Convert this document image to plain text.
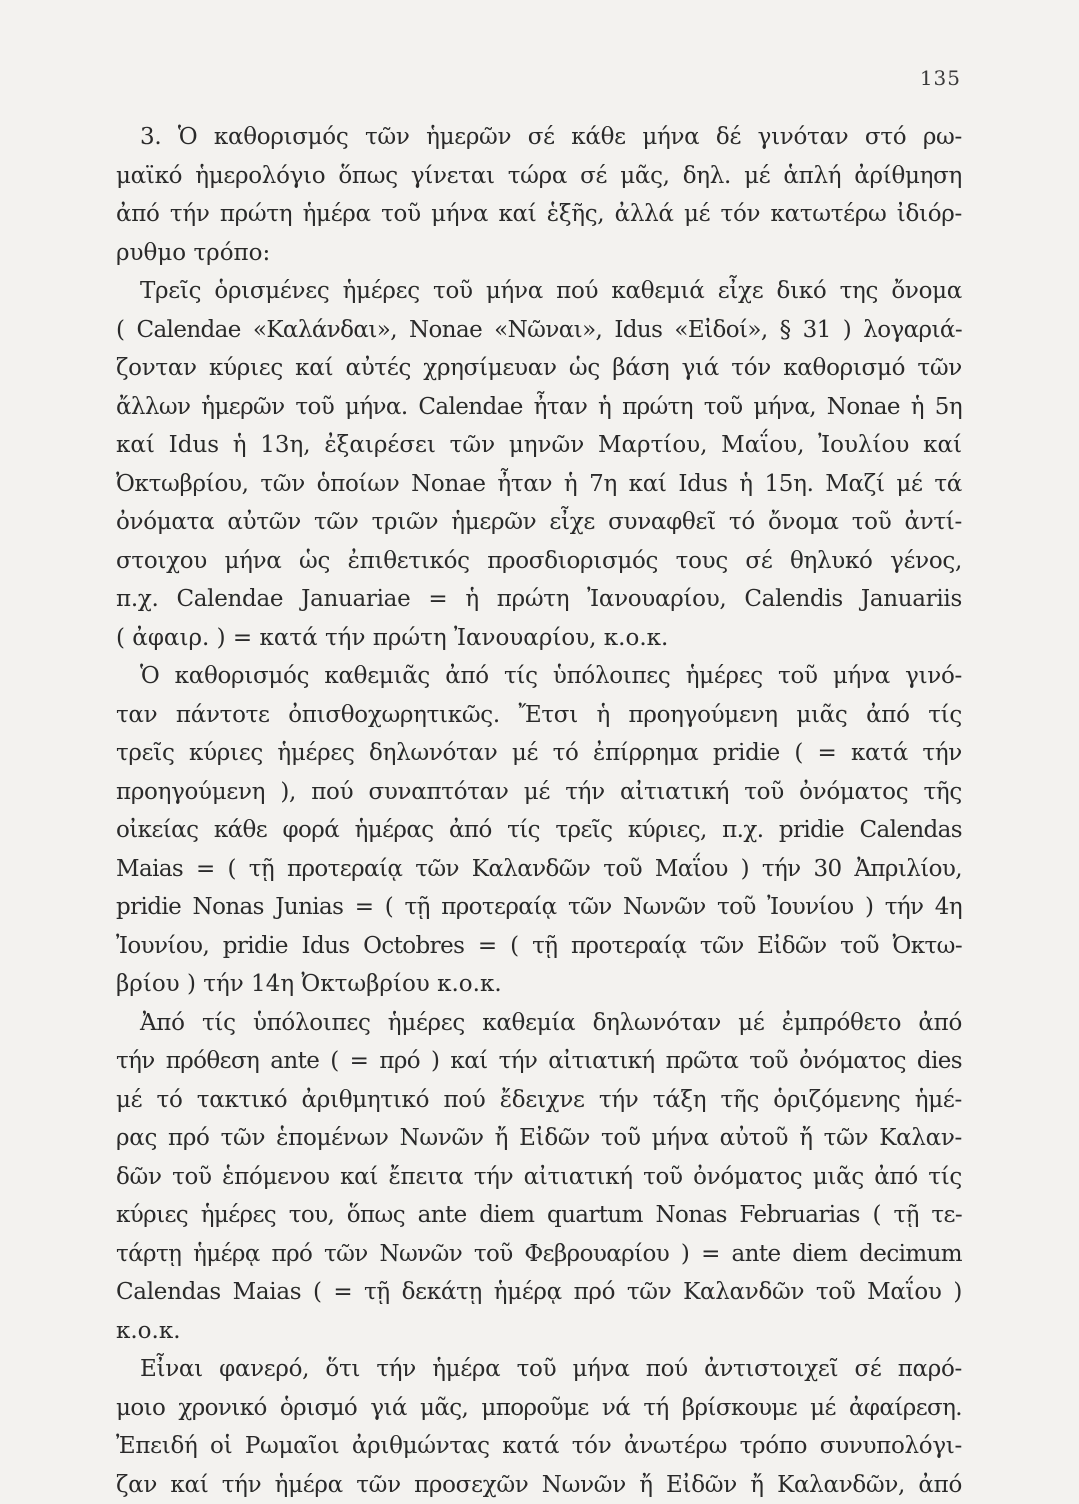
135
3. Ὁ καθορισμός τῶν ἡμερῶν σέ κάθε μήνα δέ γινόταν στό ρω-
μαϊκό ἡμερολόγιο ὅπως γίνεται τώρα σέ μᾶς, δηλ. μέ ἁπλή ἀρίθμηση
ἀπό τήν πρώτη ἡμέρα τοῦ μήνα καί ἑξῆς, ἀλλά μέ τόν κατωτέρω ἰδιόρ-
ρυθμο τρόπο:
Τρεῖς ὁρισμένες ἡμέρες τοῦ μήνα πού καθεμιά εἶχε δικό της ὄνομα
( Calendae «Καλάνδαι», Nonae «Νῶναι», Idus «Εἰδοί», § 31 ) λογαριά-
ζονταν κύριες καί αὐτές χρησίμευαν ὡς βάση γιά τόν καθορισμό τῶν
ἄλλων ἡμερῶν τοῦ μήνα. Calendae ἦταν ἡ πρώτη τοῦ μήνα, Nonae ἡ 5η
καί Idus ἡ 13η, ἐξαιρέσει τῶν μηνῶν Μαρτίου, Μαΐου, Ἰουλίου καί
Ὀκτωβρίου, τῶν ὁποίων Nonae ἦταν ἡ 7η καί Idus ἡ 15η. Μαζί μέ τά
ὀνόματα αὐτῶν τῶν τριῶν ἡμερῶν εἶχε συναφθεῖ τό ὄνομα τοῦ ἀντί-
στοιχου μήνα ὡς ἐπιθετικός προσδιορισμός τους σέ θηλυκό γένος,
π.χ. Calendae Januariae = ἡ πρώτη Ἰανουαρίου, Calendis Januariis
( ἀφαιρ. ) = κατά τήν πρώτη Ἰανουαρίου, κ.ο.κ.
Ὁ καθορισμός καθεμιᾶς ἀπό τίς ὑπόλοιπες ἡμέρες τοῦ μήνα γινό-
ταν πάντοτε ὀπισθοχωρητικῶς. Ἔτσι ἡ προηγούμενη μιᾶς ἀπό τίς
τρεῖς κύριες ἡμέρες δηλωνόταν μέ τό ἐπίρρημα pridie ( = κατά τήν
προηγούμενη ), πού συναπτόταν μέ τήν αἰτιατική τοῦ ὀνόματος τῆς
οἰκείας κάθε φορά ἡμέρας ἀπό τίς τρεῖς κύριες, π.χ. pridie Calendas
Maias = ( τῇ προτεραίᾳ τῶν Καλανδῶν τοῦ Μαΐου ) τήν 30 Ἀπριλίου,
pridie Nonas Junias = ( τῇ προτεραίᾳ τῶν Νωνῶν τοῦ Ἰουνίου ) τήν 4η
Ἰουνίου, pridie Idus Octobres = ( τῇ προτεραίᾳ τῶν Εἰδῶν τοῦ Ὀκτω-
βρίου ) τήν 14η Ὀκτωβρίου κ.ο.κ.
Ἀπό τίς ὑπόλοιπες ἡμέρες καθεμία δηλωνόταν μέ ἐμπρόθετο ἀπό
τήν πρόθεση ante ( = πρό ) καί τήν αἰτιατική πρῶτα τοῦ ὀνόματος dies
μέ τό τακτικό ἀριθμητικό πού ἔδειχνε τήν τάξη τῆς ὁριζόμενης ἡμέ-
ρας πρό τῶν ἑπομένων Νωνῶν ἤ Εἰδῶν τοῦ μήνα αὐτοῦ ἤ τῶν Καλαν-
δῶν τοῦ ἑπόμενου καί ἔπειτα τήν αἰτιατική τοῦ ὀνόματος μιᾶς ἀπό τίς
κύριες ἡμέρες του, ὅπως ante diem quartum Nonas Februarias ( τῇ τε-
τάρτῃ ἡμέρᾳ πρό τῶν Νωνῶν τοῦ Φεβρουαρίου ) = ante diem decimum
Calendas Maias ( = τῇ δεκάτῃ ἡμέρᾳ πρό τῶν Καλανδῶν τοῦ Μαΐου )
κ.ο.κ.
Εἶναι φανερό, ὅτι τήν ἡμέρα τοῦ μήνα πού ἀντιστοιχεῖ σέ παρό-
μοιο χρονικό ὁρισμό γιά μᾶς, μποροῦμε νά τή βρίσκουμε μέ ἀφαίρεση.
Ἐπειδή οἱ Ρωμαῖοι ἀριθμώντας κατά τόν ἀνωτέρω τρόπο συνυπολόγι-
ζαν καί τήν ἡμέρα τῶν προσεχῶν Νωνῶν ἤ Εἰδῶν ἤ Καλανδῶν, ἀπό
